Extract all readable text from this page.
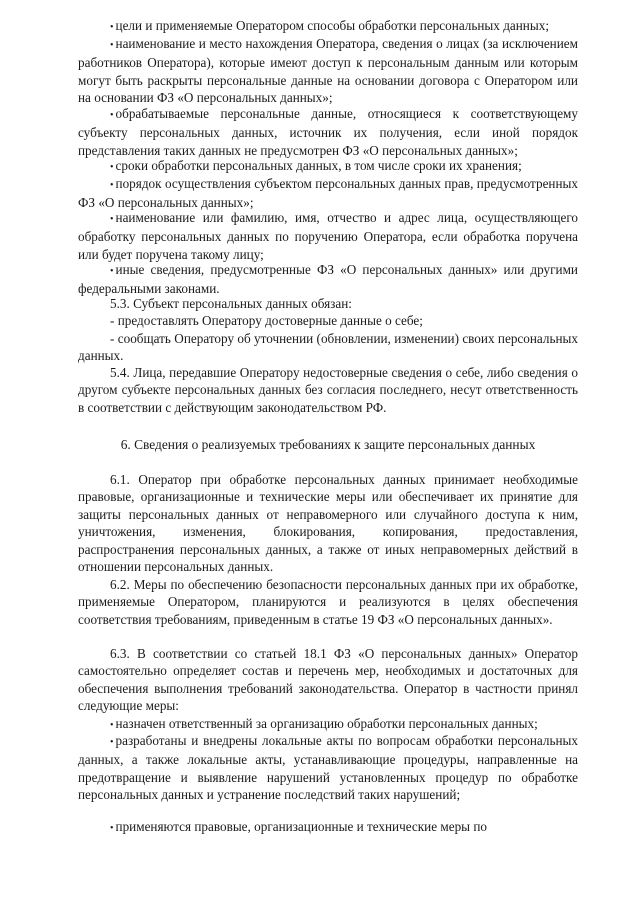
• цели и применяемые Оператором способы обработки персональных данных;

• наименование и место нахождения Оператора, сведения о лицах (за исключением работников Оператора), которые имеют доступ к персональным данным или которым могут быть раскрыты персональные данные на основании договора с Оператором или на основании ФЗ «О персональных данных»;

• обрабатываемые персональные данные, относящиеся к соответствующему субъекту персональных данных, источник их получения, если иной порядок представления таких данных не предусмотрен ФЗ «О персональных данных»;

• сроки обработки персональных данных, в том числе сроки их хранения;

• порядок осуществления субъектом персональных данных прав, предусмотренных ФЗ «О персональных данных»;

• наименование или фамилию, имя, отчество и адрес лица, осуществляющего обработку персональных данных по поручению Оператора, если обработка поручена или будет поручена такому лицу;

• иные сведения, предусмотренные ФЗ «О персональных данных» или другими федеральными законами.

5.3. Субъект персональных данных обязан:

- предоставлять Оператору достоверные данные о себе;

- сообщать Оператору об уточнении (обновлении, изменении) своих персональных данных.

5.4. Лица, передавшие Оператору недостоверные сведения о себе, либо сведения о другом субъекте персональных данных без согласия последнего, несут ответственность в соответствии с действующим законодательством РФ.

6. Сведения о реализуемых требованиях к защите персональных данных

6.1. Оператор при обработке персональных данных принимает необходимые правовые, организационные и технические меры или обеспечивает их принятие для защиты персональных данных от неправомерного или случайного доступа к ним, уничтожения, изменения, блокирования, копирования, предоставления, распространения персональных данных, а также от иных неправомерных действий в отношении персональных данных.

6.2. Меры по обеспечению безопасности персональных данных при их обработке, применяемые Оператором, планируются и реализуются в целях обеспечения соответствия требованиям, приведенным в статье 19 ФЗ «О персональных данных».

6.3. В соответствии со статьей 18.1 ФЗ «О персональных данных» Оператор самостоятельно определяет состав и перечень мер, необходимых и достаточных для обеспечения выполнения требований законодательства. Оператор в частности принял следующие меры:

• назначен ответственный за организацию обработки персональных данных;

• разработаны и внедрены локальные акты по вопросам обработки персональных данных, а также локальные акты, устанавливающие процедуры, направленные на предотвращение и выявление нарушений установленных процедур по обработке персональных данных и устранение последствий таких нарушений;

• применяются правовые, организационные и технические меры по
